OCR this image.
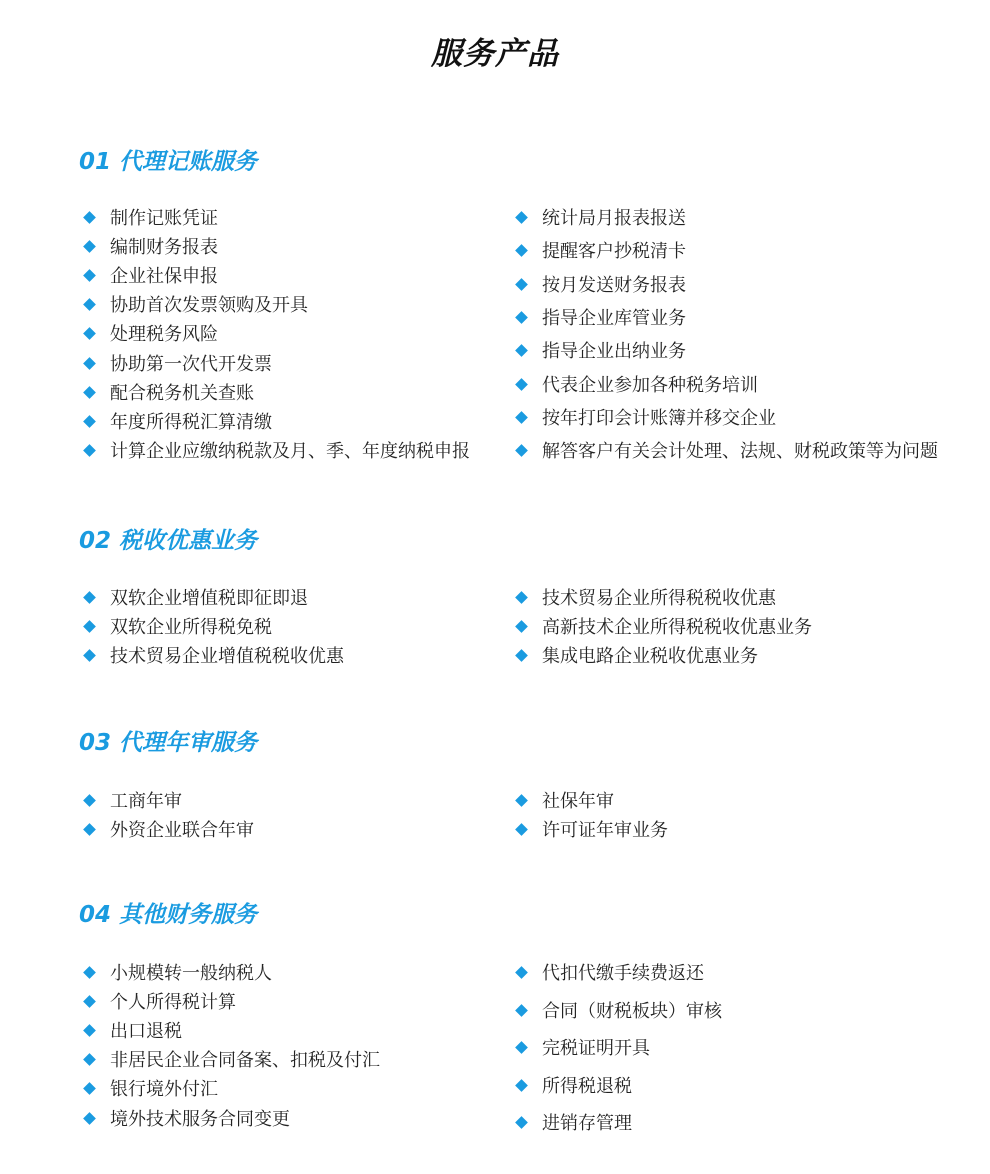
服务产品
01 代理记账服务
制作记账凭证
编制财务报表
企业社保申报
协助首次发票领购及开具
处理税务风险
协助第一次代开发票
配合税务机关查账
年度所得税汇算清缴
计算企业应缴纳税款及月、季、年度纳税申报
统计局月报表报送
提醒客户抄税清卡
按月发送财务报表
指导企业库管业务
指导企业出纳业务
代表企业参加各种税务培训
按年打印会计账簿并移交企业
解答客户有关会计处理、法规、财税政策等为问题
02 税收优惠业务
双软企业增值税即征即退
双软企业所得税免税
技术贸易企业增值税税收优惠
技术贸易企业所得税税收优惠
高新技术企业所得税税收优惠业务
集成电路企业税收优惠业务
03 代理年审服务
工商年审
外资企业联合年审
社保年审
许可证年审业务
04 其他财务服务
小规模转一般纳税人
个人所得税计算
出口退税
非居民企业合同备案、扣税及付汇
银行境外付汇
境外技术服务合同变更
代扣代缴手续费返还
合同（财税板块）审核
完税证明开具
所得税退税
进销存管理
